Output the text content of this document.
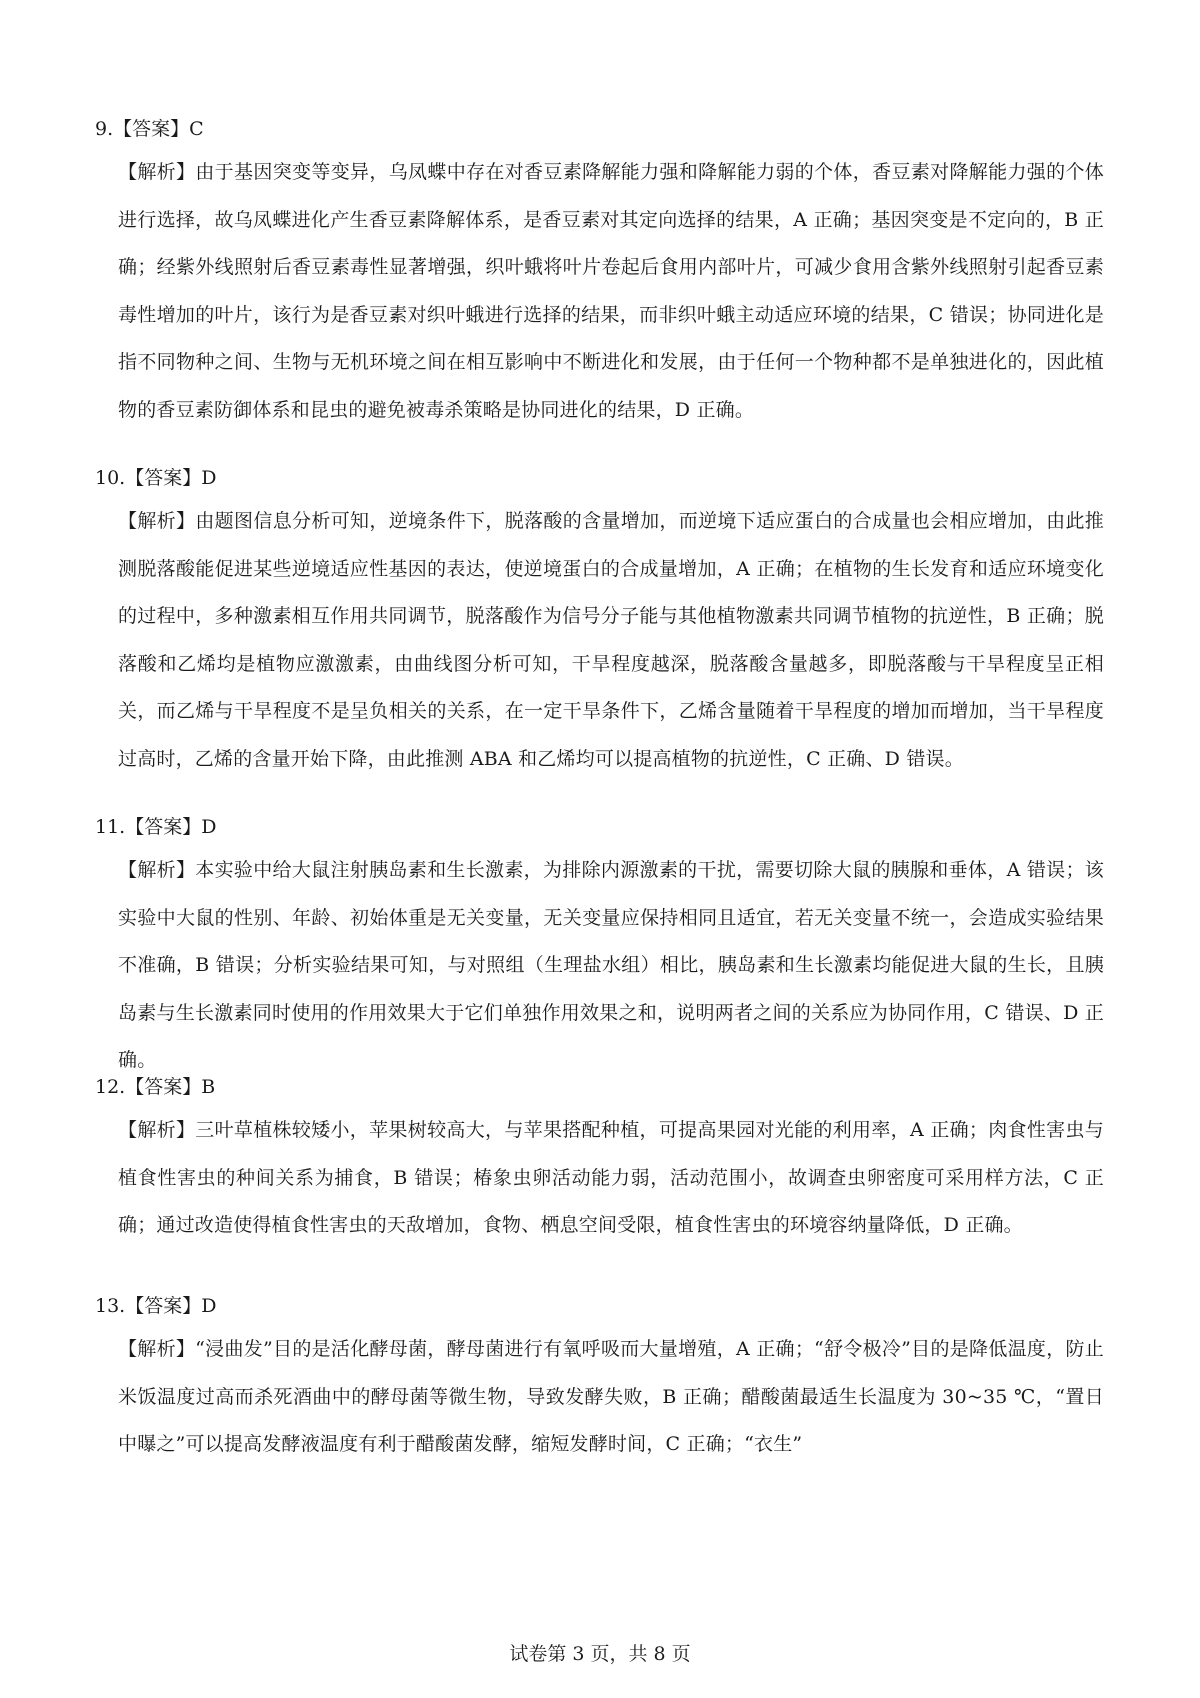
9.【答案】C
【解析】由于基因突变等变异，乌凤蝶中存在对香豆素降解能力强和降解能力弱的个体，香豆素对降解能力强的个体进行选择，故乌凤蝶进化产生香豆素降解体系，是香豆素对其定向选择的结果，A 正确；基因突变是不定向的，B 正确；经紫外线照射后香豆素毒性显著增强，织叶蛾将叶片卷起后食用内部叶片，可减少食用含紫外线照射引起香豆素毒性增加的叶片，该行为是香豆素对织叶蛾进行选择的结果，而非织叶蛾主动适应环境的结果，C 错误；协同进化是指不同物种之间、生物与无机环境之间在相互影响中不断进化和发展，由于任何一个物种都不是单独进化的，因此植物的香豆素防御体系和昆虫的避免被毒杀策略是协同进化的结果，D 正确。
10.【答案】D
【解析】由题图信息分析可知，逆境条件下，脱落酸的含量增加，而逆境下适应蛋白的合成量也会相应增加，由此推测脱落酸能促进某些逆境适应性基因的表达，使逆境蛋白的合成量增加，A 正确；在植物的生长发育和适应环境变化的过程中，多种激素相互作用共同调节，脱落酸作为信号分子能与其他植物激素共同调节植物的抗逆性，B 正确；脱落酸和乙烯均是植物应激激素，由曲线图分析可知，干旱程度越深，脱落酸含量越多，即脱落酸与干旱程度呈正相关，而乙烯与干旱程度不是呈负相关的关系，在一定干旱条件下，乙烯含量随着干旱程度的增加而增加，当干旱程度过高时，乙烯的含量开始下降，由此推测 ABA 和乙烯均可以提高植物的抗逆性，C 正确、D 错误。
11.【答案】D
【解析】本实验中给大鼠注射胰岛素和生长激素，为排除内源激素的干扰，需要切除大鼠的胰腺和垂体，A 错误；该实验中大鼠的性别、年龄、初始体重是无关变量，无关变量应保持相同且适宜，若无关变量不统一，会造成实验结果不准确，B 错误；分析实验结果可知，与对照组（生理盐水组）相比，胰岛素和生长激素均能促进大鼠的生长，且胰岛素与生长激素同时使用的作用效果大于它们单独作用效果之和，说明两者之间的关系应为协同作用，C 错误、D 正确。
12.【答案】B
【解析】三叶草植株较矮小，苹果树较高大，与苹果搭配种植，可提高果园对光能的利用率，A 正确；肉食性害虫与植食性害虫的种间关系为捕食，B 错误；椿象虫卵活动能力弱，活动范围小，故调查虫卵密度可采用样方法，C 正确；通过改造使得植食性害虫的天敌增加，食物、栖息空间受限，植食性害虫的环境容纳量降低，D 正确。
13.【答案】D
【解析】“浸曲发”目的是活化酵母菌，酵母菌进行有氧呼吸而大量增殖，A 正确；“舒令极冷”目的是降低温度，防止米饭温度过高而杀死酒曲中的酵母菌等微生物，导致发酵失败，B 正确；醋酸菌最适生长温度为 30~35 ℃，“置日中曝之”可以提高发酵液温度有利于醋酸菌发酵，缩短发酵时间，C 正确；“衣生”
试卷第 3 页，共 8 页
